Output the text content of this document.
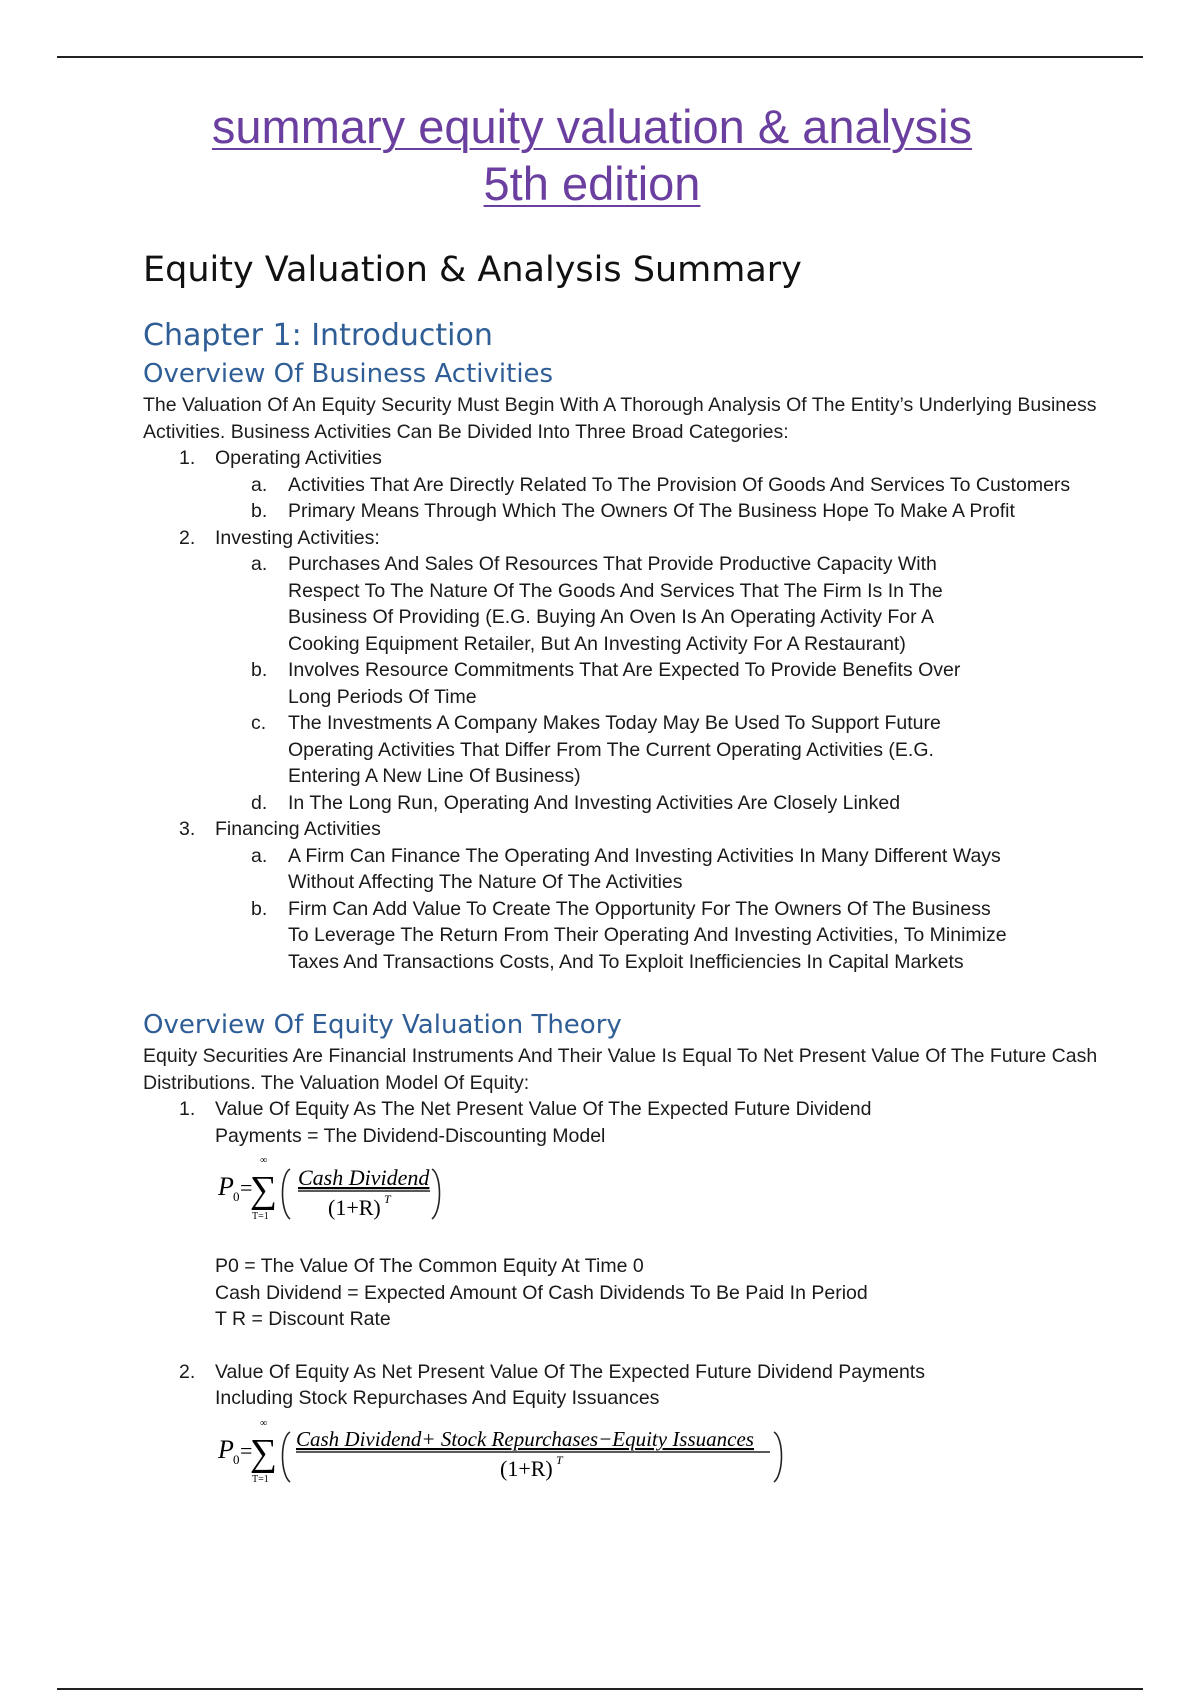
summary equity valuation & analysis
5th edition
Equity Valuation & Analysis Summary
Chapter 1: Introduction
Overview Of Business Activities

The Valuation Of An Equity Security Must Begin With A Thorough Analysis Of The Entity’s Underlying Business Activities. Business Activities Can Be Divided Into Three Broad Categories:

1. Operating Activities
a. Activities That Are Directly Related To The Provision Of Goods And Services To Customers
b. Primary Means Through Which The Owners Of The Business Hope To Make A Profit
2. Investing Activities:
a. Purchases And Sales Of Resources That Provide Productive Capacity With Respect To The Nature Of The Goods And Services That The Firm Is In The Business Of Providing (E.G. Buying An Oven Is An Operating Activity For A Cooking Equipment Retailer, But An Investing Activity For A Restaurant)
b. Involves Resource Commitments That Are Expected To Provide Benefits Over Long Periods Of Time
c. The Investments A Company Makes Today May Be Used To Support Future Operating Activities That Differ From The Current Operating Activities (E.G. Entering A New Line Of Business)
d. In The Long Run, Operating And Investing Activities Are Closely Linked
3. Financing Activities
a. A Firm Can Finance The Operating And Investing Activities In Many Different Ways Without Affecting The Nature Of The Activities
b. Firm Can Add Value To Create The Opportunity For The Owners Of The Business To Leverage The Return From Their Operating And Investing Activities, To Minimize Taxes And Transactions Costs, And To Exploit Inefficiencies In Capital Markets
Overview Of Equity Valuation Theory

Equity Securities Are Financial Instruments And Their Value Is Equal To Net Present Value Of The Future Cash Distributions. The Valuation Model Of Equity:

1. Value Of Equity As The Net Present Value Of The Expected Future Dividend Payments = The Dividend-Discounting Model
P 0 =
∑
∞
T=1
Cash Dividend
(1+R) T
P0 = The Value Of The Common Equity At Time 0
Cash Dividend = Expected Amount Of Cash Dividends To Be Paid In Period
T R = Discount Rate
2. Value Of Equity As Net Present Value Of The Expected Future Dividend Payments Including Stock Repurchases And Equity Issuances
P 0 =
∑
∞
T=1
Cash Dividend+ Stock Repurchases−Equity Issuances
(1+R) T
